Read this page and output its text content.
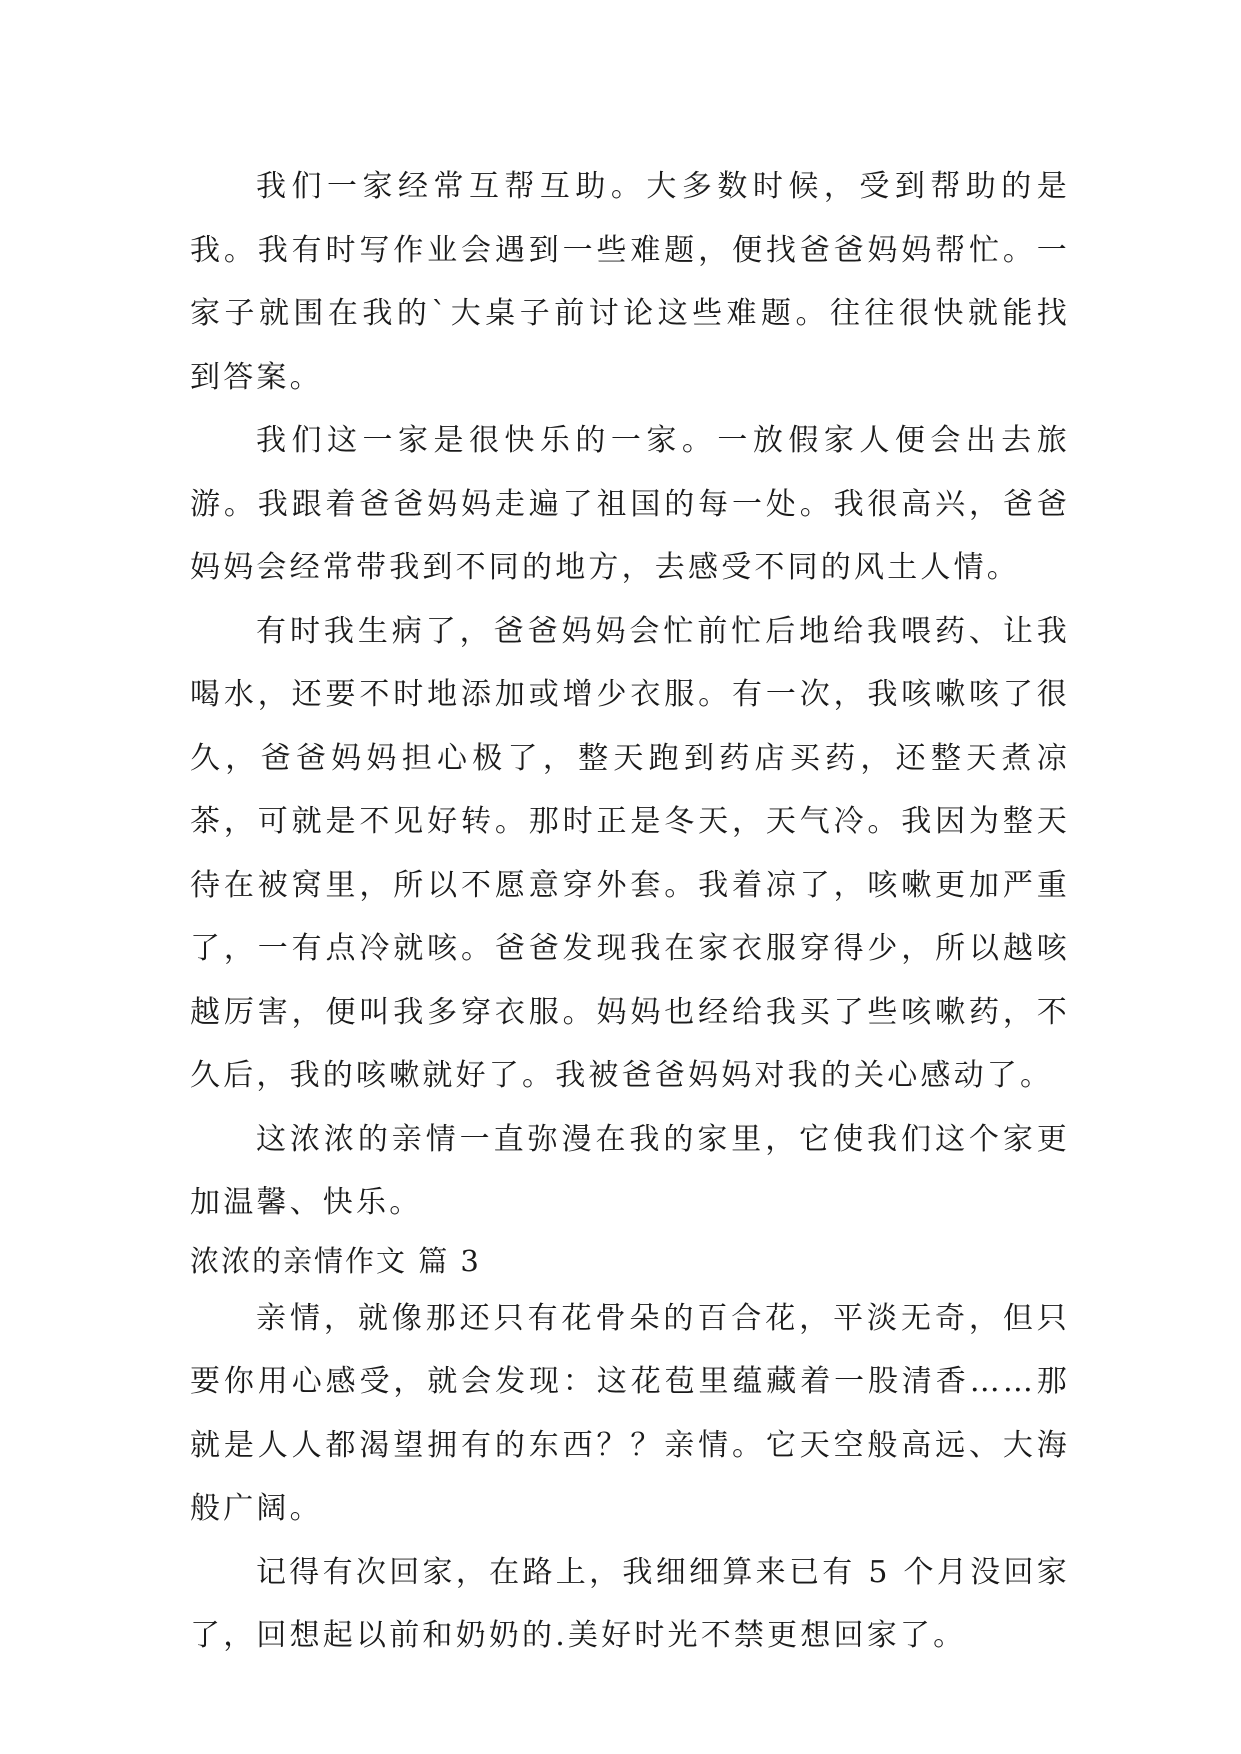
我们一家经常互帮互助。大多数时候，受到帮助的是我。我有时写作业会遇到一些难题，便找爸爸妈妈帮忙。一家子就围在我的`大桌子前讨论这些难题。往往很快就能找到答案。

我们这一家是很快乐的一家。一放假家人便会出去旅游。我跟着爸爸妈妈走遍了祖国的每一处。我很高兴，爸爸妈妈会经常带我到不同的地方，去感受不同的风土人情。

有时我生病了，爸爸妈妈会忙前忙后地给我喂药、让我喝水，还要不时地添加或增少衣服。有一次，我咳嗽咳了很久，爸爸妈妈担心极了，整天跑到药店买药，还整天煮凉茶，可就是不见好转。那时正是冬天，天气冷。我因为整天待在被窝里，所以不愿意穿外套。我着凉了，咳嗽更加严重了，一有点冷就咳。爸爸发现我在家衣服穿得少，所以越咳越厉害，便叫我多穿衣服。妈妈也经给我买了些咳嗽药，不久后，我的咳嗽就好了。我被爸爸妈妈对我的关心感动了。

这浓浓的亲情一直弥漫在我的家里，它使我们这个家更加温馨、快乐。

浓浓的亲情作文 篇 3

亲情，就像那还只有花骨朵的百合花，平淡无奇，但只要你用心感受，就会发现：这花苞里蕴藏着一股清香……那就是人人都渴望拥有的东西？？亲情。它天空般高远、大海般广阔。

记得有次回家，在路上，我细细算来已有 5 个月没回家了，回想起以前和奶奶的.美好时光不禁更想回家了。
